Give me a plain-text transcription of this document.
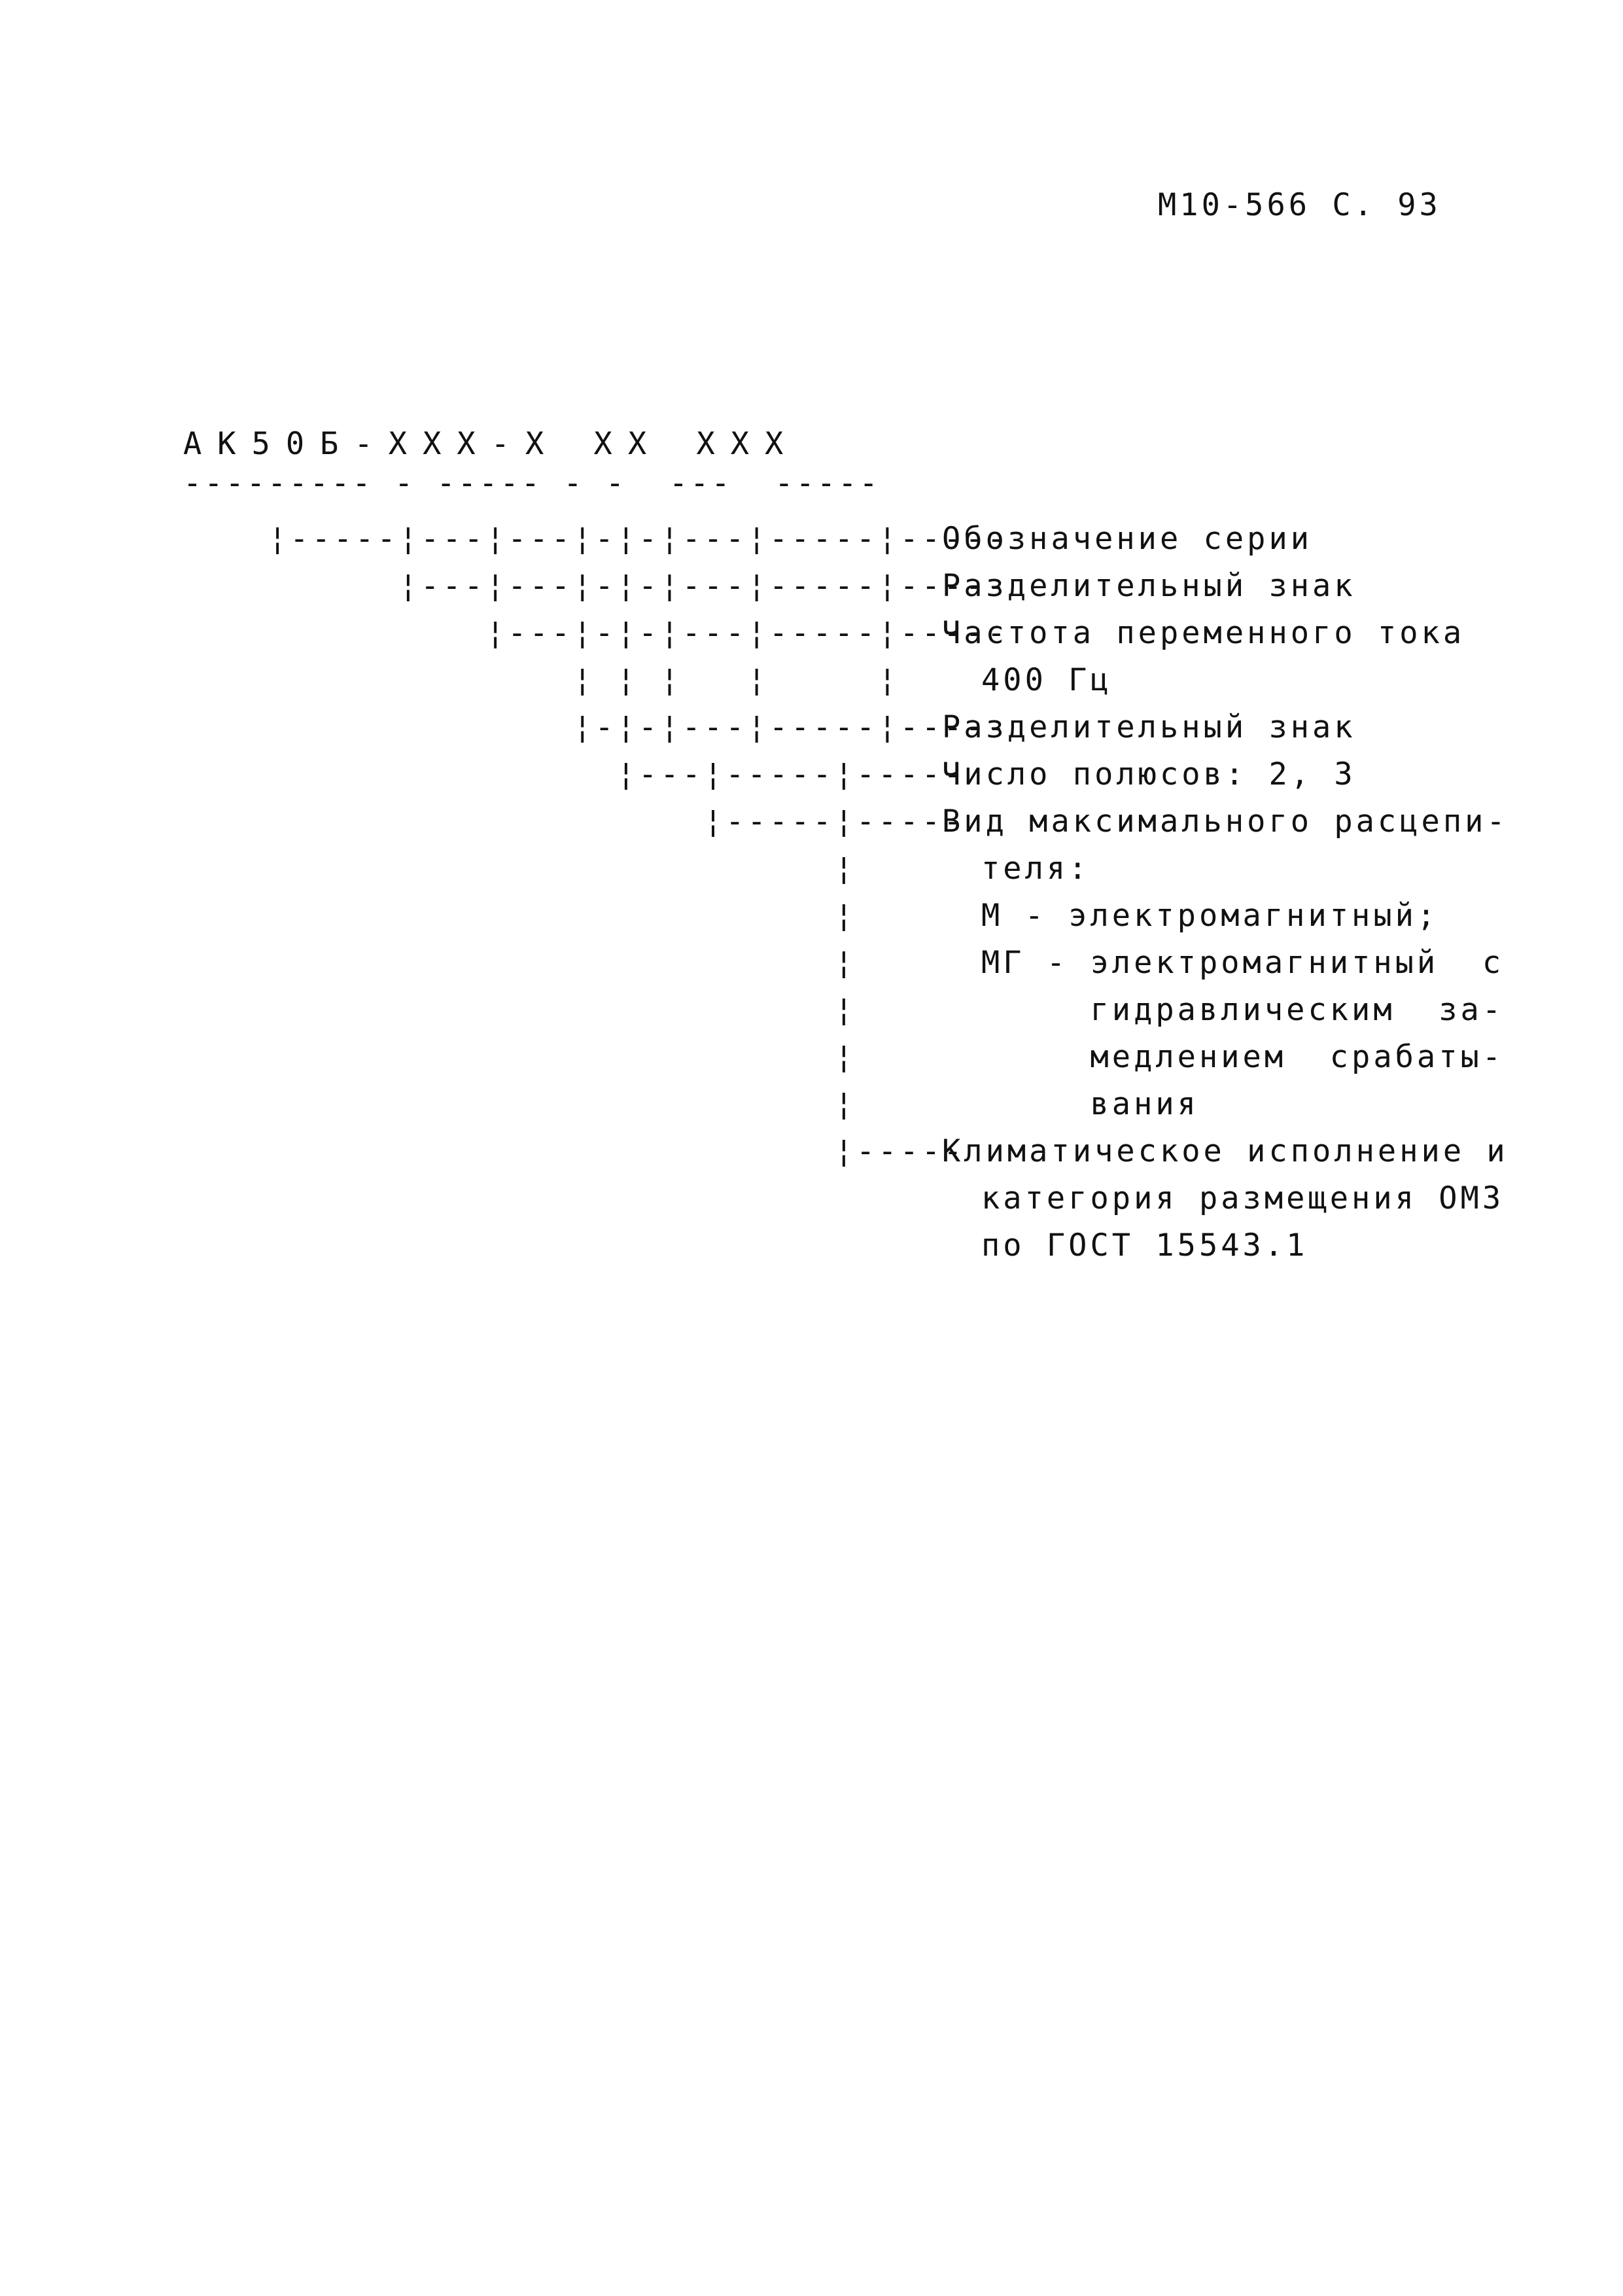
М10-566 С. 93
АК50Б-ХХХ-Х ХХ ХХХ
--------- - ----- - -  ---  -----
¦-----¦---¦---¦-¦-¦---¦-----¦-----
¦---¦---¦-¦-¦---¦-----¦-----
¦---¦-¦-¦---¦-----¦-----
¦ ¦ ¦   ¦     ¦
¦-¦-¦---¦-----¦-----
¦---¦-----¦-----
¦-----¦-----
¦
¦
¦
¦
¦
¦
¦-----
Обозначение серии
Разделительный знак
Частота переменного тока
400 Гц
Разделительный знак
Число полюсов: 2, 3
Вид максимального расцепи-
теля:
М - электромагнитный;
МГ - электромагнитный  с
гидравлическим  за-
медлением  срабаты-
вания
Климатическое исполнение и
категория размещения ОМЗ
по ГОСТ 15543.1
